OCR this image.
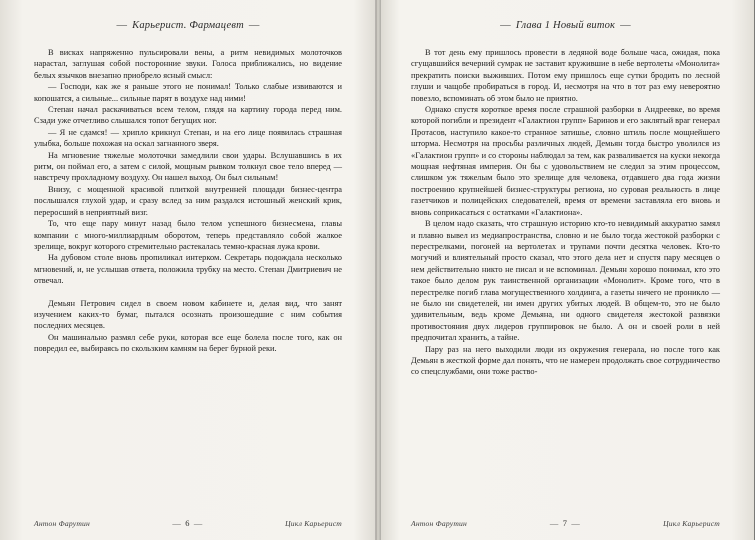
— Карьерист. Фармацевт —

В висках напряженно пульсировали вены, а ритм невидимых молоточков нарастал, заглушая собой посторонние звуки. Голоса приближались, но видение белых язычков внезапно приобрело ясный смысл:

— Господи, как же я раньше этого не понимал! Только слабые извиваются и копошатся, а сильные... сильные парят в воздухе над ними!

Степан начал раскачиваться всем телом, глядя на картину города перед ним. Сзади уже отчетливо слышался топот бегущих ног.

— Я не сдамся! — хрипло крикнул Степан, и на его лице появилась страшная улыбка, больше похожая на оскал загнанного зверя.

На мгновение тяжелые молоточки замедлили свои удары. Вслушавшись в их ритм, он поймал его, а затем с силой, мощным рывком толкнул свое тело вперед — навстречу прохладному воздуху. Он нашел выход. Он был сильным!

Внизу, с мощенной красивой плиткой внутренней площади бизнес-центра послышался глухой удар, и сразу вслед за ним раздался истошный женский крик, переросший в неприятный визг.

То, что еще пару минут назад было телом успешного бизнесмена, главы компании с много-миллиардным оборотом, теперь представляло собой жалкое зрелище, вокруг которого стремительно растекалась темно-красная лужа крови.

На дубовом столе вновь пропиликал интерком. Секретарь подождала несколько мгновений, и, не услышав ответа, положила трубку на место. Степан Дмитриевич не отвечал.

Демьян Петрович сидел в своем новом кабинете и, делая вид, что занят изучением каких-то бумаг, пытался осознать произошедшие с ним события последних месяцев.

Он машинально размял себе руки, которая все еще болела после того, как он повредил ее, выбираясь по скользким камням на берег бурной реки.

Антон Фарутин	— 6 —	Цикл Карьерист
— Глава 1 Новый виток —

В тот день ему пришлось провести в ледяной воде больше часа, ожидая, пока сгущавшийся вечерний сумрак не заставит кружившие в небе вертолеты «Монолита» прекратить поиски выживших. Потом ему пришлось еще сутки бродить по лесной глуши и чащобе пробираться в город. И, несмотря на что в тот раз ему невероятно повезло, вспоминать об этом было не приятно.

Однако спустя короткое время после страшной разборки в Андреевке, во время которой погибли и президент «Галактион групп» Баринов и его заклятый враг генерал Протасов, наступило какое-то странное затишье, словно штиль после мощнейшего шторма. Несмотря на просьбы различных людей, Демьян тогда быстро уволился из «Галактион групп» и со стороны наблюдал за тем, как разваливается на куски некогда мощная нефтяная империя. Он бы с удовольствием не следил за этим процессом, слишком уж тяжелым было это зрелище для человека, отдавшего два года жизни построению крупнейшей бизнес-структуры региона, но суровая реальность в лице газетчиков и полицейских следователей, время от времени заставляла его вновь и вновь соприкасаться с остатками «Галактиона».

В целом надо сказать, что страшную историю кто-то невидимый аккуратно замял и плавно вывел из медиапространства, словно и не было тогда жестокой разборки с перестрелками, погоней на вертолетах и трупами почти десятка человек. Кто-то могучий и влиятельный просто сказал, что этого дела нет и спустя пару месяцев о нем действительно никто не писал и не вспоминал. Демьян хорошо понимал, кто это такое было делом рук таинственной организации «Монолит». Кроме того, что в перестрелке погиб глава могущественного холдинга, а газеты ничего не проникло — не было ни свидетелей, ни имен других убитых людей. В общем-то, это не было удивительным, ведь кроме Демьяна, ни одного свидетеля жестокой развязки противостояния двух лидеров группировок не было. А он и своей роли в ней предпочитал хранить, а тайне.

Пару раз на него выходили люди из окружения генерала, но после того как Демьян в жесткой форме дал понять, что не намерен продолжать свое сотрудничество со спецслужбами, они тоже раство-

Антон Фарутин	— 7 —	Цикл Карьерист
